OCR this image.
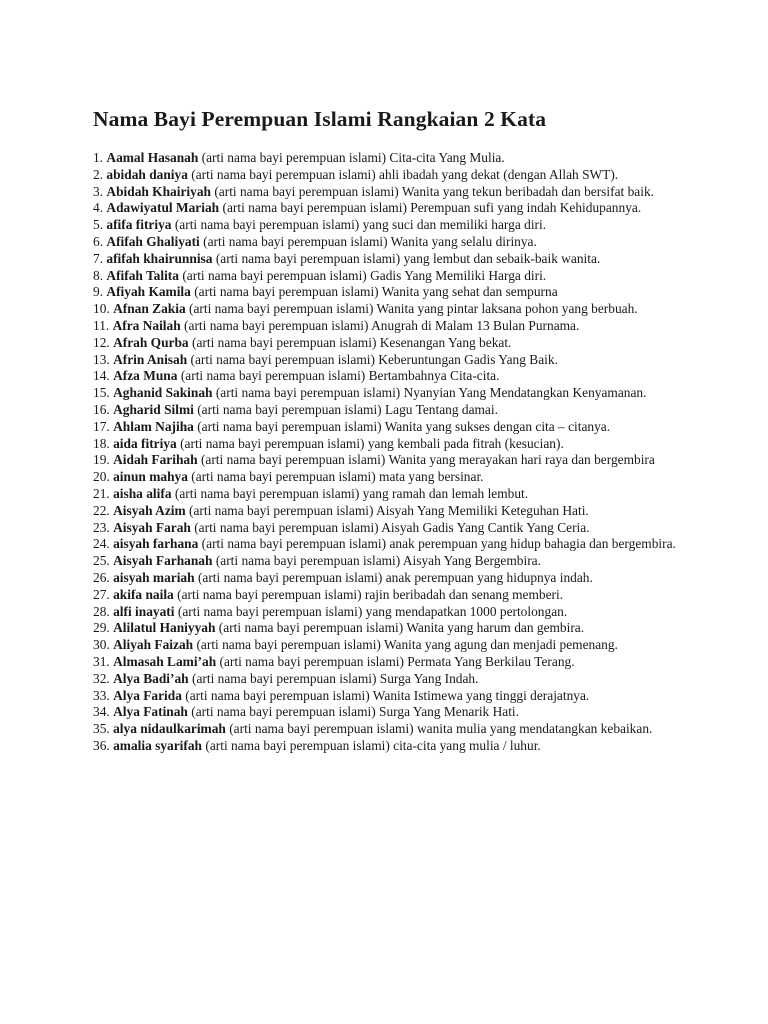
Nama Bayi Perempuan Islami Rangkaian 2 Kata

1. Aamal Hasanah (arti nama bayi perempuan islami) Cita-cita Yang Mulia.

2. abidah daniya (arti nama bayi perempuan islami) ahli ibadah yang dekat (dengan Allah SWT).

3. Abidah Khairiyah (arti nama bayi perempuan islami) Wanita yang tekun beribadah dan bersifat baik.

4. Adawiyatul Mariah (arti nama bayi perempuan islami) Perempuan sufi yang indah Kehidupannya.

5. afifa fitriya (arti nama bayi perempuan islami) yang suci dan memiliki harga diri.

6. Afifah Ghaliyati (arti nama bayi perempuan islami) Wanita yang selalu dirinya.

7. afifah khairunnisa (arti nama bayi perempuan islami) yang lembut dan sebaik-baik wanita.

8. Afifah Talita (arti nama bayi perempuan islami) Gadis Yang Memiliki Harga diri.

9. Afiyah Kamila (arti nama bayi perempuan islami) Wanita yang sehat dan sempurna

10. Afnan Zakia (arti nama bayi perempuan islami) Wanita yang pintar laksana pohon yang berbuah.

11. Afra Nailah (arti nama bayi perempuan islami) Anugrah di Malam 13 Bulan Purnama.

12. Afrah Qurba (arti nama bayi perempuan islami) Kesenangan Yang bekat.

13. Afrin Anisah (arti nama bayi perempuan islami) Keberuntungan Gadis Yang Baik.

14. Afza Muna (arti nama bayi perempuan islami) Bertambahnya Cita-cita.

15. Aghanid Sakinah (arti nama bayi perempuan islami) Nyanyian Yang Mendatangkan Kenyamanan.

16. Agharid Silmi (arti nama bayi perempuan islami) Lagu Tentang damai.

17. Ahlam Najiha (arti nama bayi perempuan islami) Wanita yang sukses dengan cita – citanya.

18. aida fitriya (arti nama bayi perempuan islami) yang kembali pada fitrah (kesucian).

19. Aidah Farihah (arti nama bayi perempuan islami) Wanita yang merayakan hari raya dan bergembira

20. ainun mahya (arti nama bayi perempuan islami) mata yang bersinar.

21. aisha alifa (arti nama bayi perempuan islami) yang ramah dan lemah lembut.

22. Aisyah Azim (arti nama bayi perempuan islami) Aisyah Yang Memiliki Keteguhan Hati.

23. Aisyah Farah (arti nama bayi perempuan islami) Aisyah Gadis Yang Cantik Yang Ceria.

24. aisyah farhana (arti nama bayi perempuan islami) anak perempuan yang hidup bahagia dan bergembira.

25. Aisyah Farhanah (arti nama bayi perempuan islami) Aisyah Yang Bergembira.

26. aisyah mariah (arti nama bayi perempuan islami) anak perempuan yang hidupnya indah.

27. akifa naila (arti nama bayi perempuan islami) rajin beribadah dan senang memberi.

28. alfi inayati (arti nama bayi perempuan islami) yang mendapatkan 1000 pertolongan.

29. Alilatul Haniyyah (arti nama bayi perempuan islami) Wanita yang harum dan gembira.

30. Aliyah Faizah (arti nama bayi perempuan islami) Wanita yang agung dan menjadi pemenang.

31. Almasah Lami’ah (arti nama bayi perempuan islami) Permata Yang Berkilau Terang.

32. Alya Badi’ah (arti nama bayi perempuan islami) Surga Yang Indah.

33. Alya Farida (arti nama bayi perempuan islami) Wanita Istimewa yang tinggi derajatnya.

34. Alya Fatinah (arti nama bayi perempuan islami) Surga Yang Menarik Hati.

35. alya nidaulkarimah (arti nama bayi perempuan islami) wanita mulia yang mendatangkan kebaikan.

36. amalia syarifah (arti nama bayi perempuan islami) cita-cita yang mulia / luhur.
